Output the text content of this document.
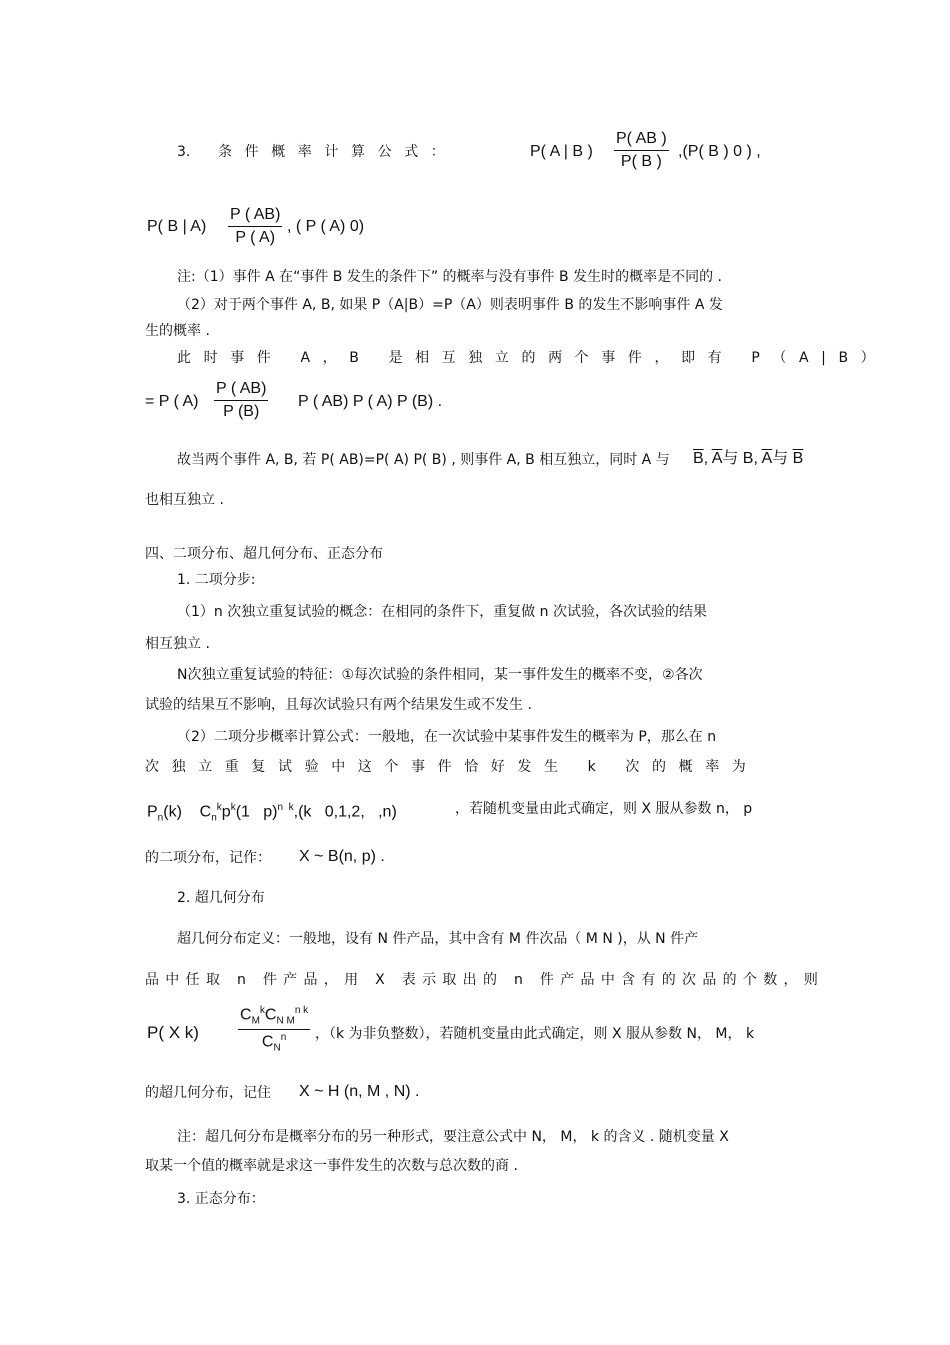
3. 条件概率计算公式：	P( A | B ) $\frac{P( AB )}{P( B )} ,(P$( B ) 0 ) ,
P( B | $A) \frac{P ( AB)}{P ( A)}$ , ( P ( A) 0)
注:（1）事件 A 在“事件 B 发生的条件下” 的概率与没有事件 B 发生时的概率是不同的 .
（2）对于两个事件 A, B, 如果 P（A|B）=P（A）则表明事件 B 的发生不影响事件 A 发
生的概率 .
此时事件 A，B 是相互独立的两个事件，即有 P（A|B）
= P ( $A) \frac{P ( AB)}{P (B)}$ P ( AB) P ( A) P (B) .
故当两个事件 A, B, 若 P( AB)=P( A) P( B) , 则事件 A, B 相互独立，同时 A 与 $\overline{B}$, $\overline{A}$与 B, $\overline{A}$与 $\overline{B}$
也相互独立 .
四、二项分布、超几何分布、正态分布
1. 二项分步:
（1）n 次独立重复试验的概念：在相同的条件下，重复做 n 次试验，各次试验的结果
相互独立 .
N次独立重复试验的特征：①每次试验的条件相同，某一事件发生的概率不变，②各次
试验的结果互不影响，且每次试验只有两个结果发生或不发生 .
（2）二项分步概率计算公式：一般地，在一次试验中某事件发生的概率为 P，那么在 n
次独立重复试验中这个事件恰好发生 k 次的概率为
$P_n(k)$    $C_n^kp^k(1$   p)$^{n k}$,(k   0,1,2,   ,n)	，若随机变量由此式确定，则 X 服从参数 n， p
的二项分布，记作： X ~ B(n, p) .
2. 超几何分布
超几何分布定义：一般地，设有 N 件产品，其中含有 M 件次品（ M N )，从 N 件产
品中任取 n 件产品，用 X 表示取出的 n 件产品中含有的次品的个数，则
P( X k)
$C_M^kC_{N M}^{n k}$
$C_N^n$	，（k 为非负整数），若随机变量由此式确定，则 X 服从参数 N， M， k
的超几何分布，记住 X ~ H (n, M , N) .
注：超几何分布是概率分布的另一种形式，要注意公式中 N， M， k 的含义 . 随机变量 X
取某一个值的概率就是求这一事件发生的次数与总次数的商 .
3. 正态分布：
